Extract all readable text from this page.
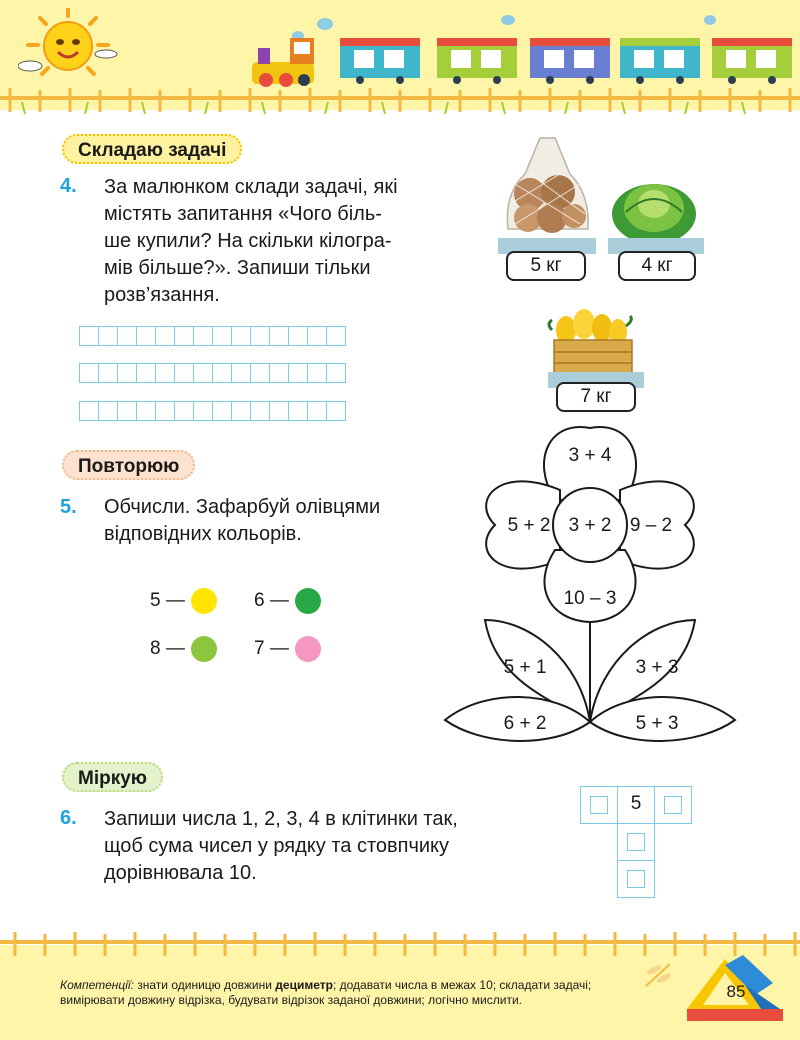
Складаю задачі
4. За малюнком склади задачі, які
містять запитання «Чого біль-
ше купили? На скільки кілогра-
мів більше?». Запиши тільки
розв’язання.
5 кг	4 кг
7 кг
Повторюю
5. Обчисли. Зафарбуй олівцями
відповідних кольорів.
5 —	6 —
8 —	7 —
3 + 4
5 + 2 3 + 2 9 – 2
10 – 3
5 + 1	3 + 3
6 + 2	5 + 3
Міркую
6. Запиши числа 1, 2, 3, 4 в клітинки так,
щоб сума чисел у рядку та стовпчику
дорівнювала 10.
5
Компетенції: знати одиницю довжини дециметр; додавати числа в межах 10; складати задачі; вимірювати довжину відрізка, будувати відрізок заданої довжини; логічно мислити.	85
